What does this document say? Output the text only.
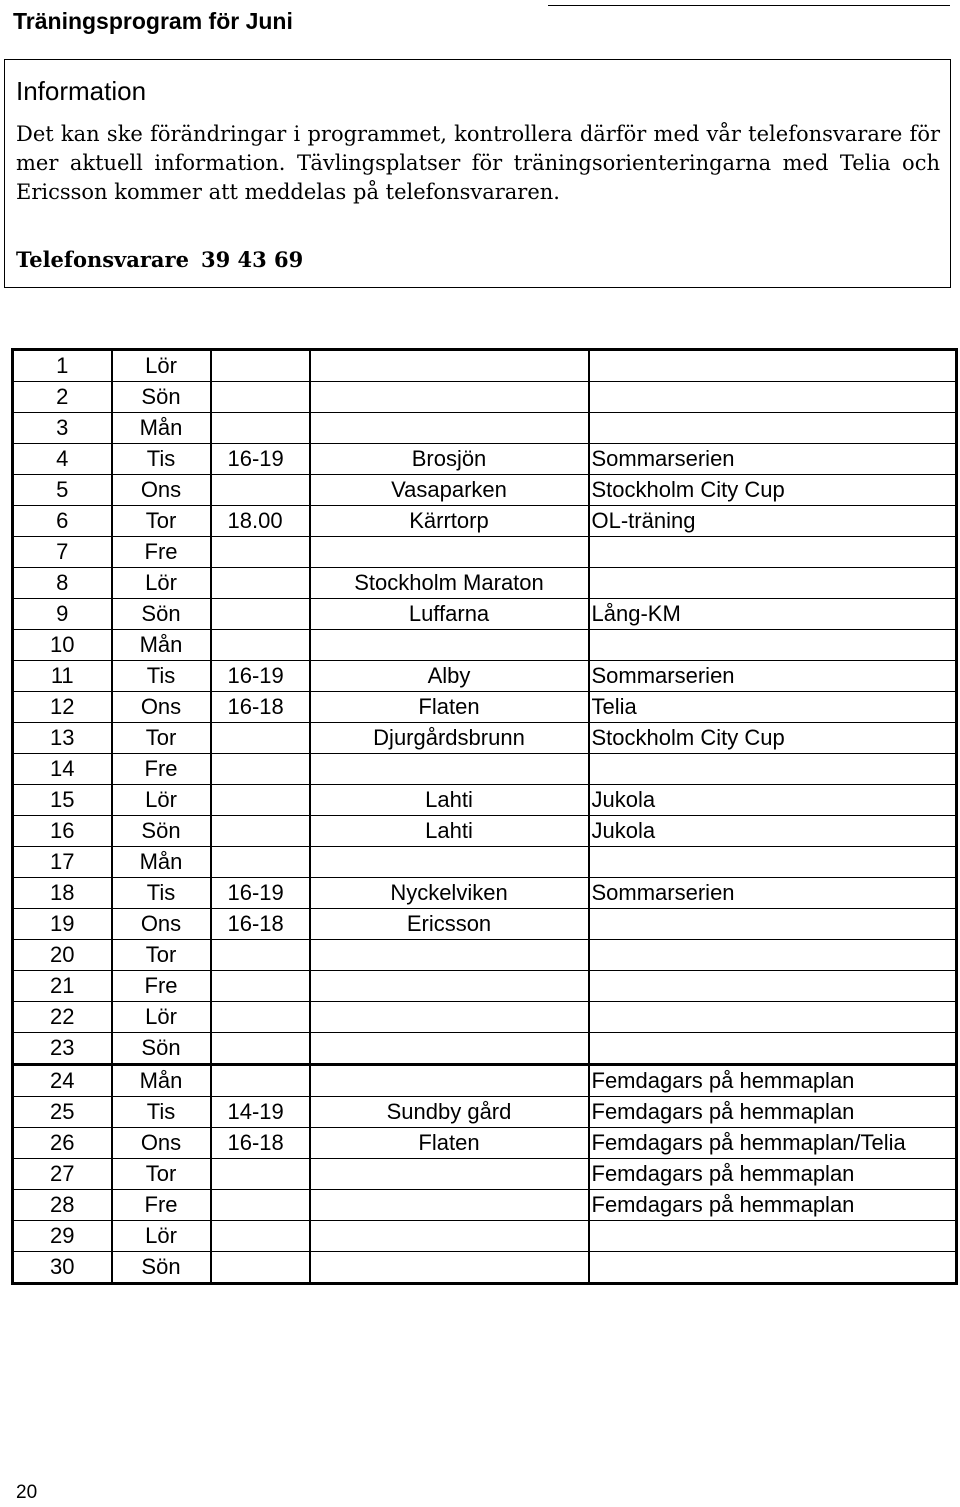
Träningsprogram för Juni
Information

Det kan ske förändringar i programmet, kontrollera därför med vår telefonsvarare för mer aktuell information. Tävlingsplatser för träningsorienteringarna med Telia och Ericsson kommer att meddelas på telefonsvararen.

Telefonsvarare 39 43 69

1	Lör			
2	Sön			
3	Mån			
4	Tis	16-19	Brosjön	Sommarserien
5	Ons		Vasaparken	Stockholm City Cup
6	Tor	18.00	Kärrtorp	OL-träning
7	Fre			
8	Lör		Stockholm Maraton	
9	Sön		Luffarna	Lång-KM
10	Mån			
11	Tis	16-19	Alby	Sommarserien
12	Ons	16-18	Flaten	Telia
13	Tor		Djurgårdsbrunn	Stockholm City Cup
14	Fre			
15	Lör		Lahti	Jukola
16	Sön		Lahti	Jukola
17	Mån			
18	Tis	16-19	Nyckelviken	Sommarserien
19	Ons	16-18	Ericsson	
20	Tor			
21	Fre			
22	Lör			
23	Sön			
24	Mån			Femdagars på hemmaplan
25	Tis	14-19	Sundby gård	Femdagars på hemmaplan
26	Ons	16-18	Flaten	Femdagars på hemmaplan/Telia
27	Tor			Femdagars på hemmaplan
28	Fre			Femdagars på hemmaplan
29	Lör			
30	Sön			
20
